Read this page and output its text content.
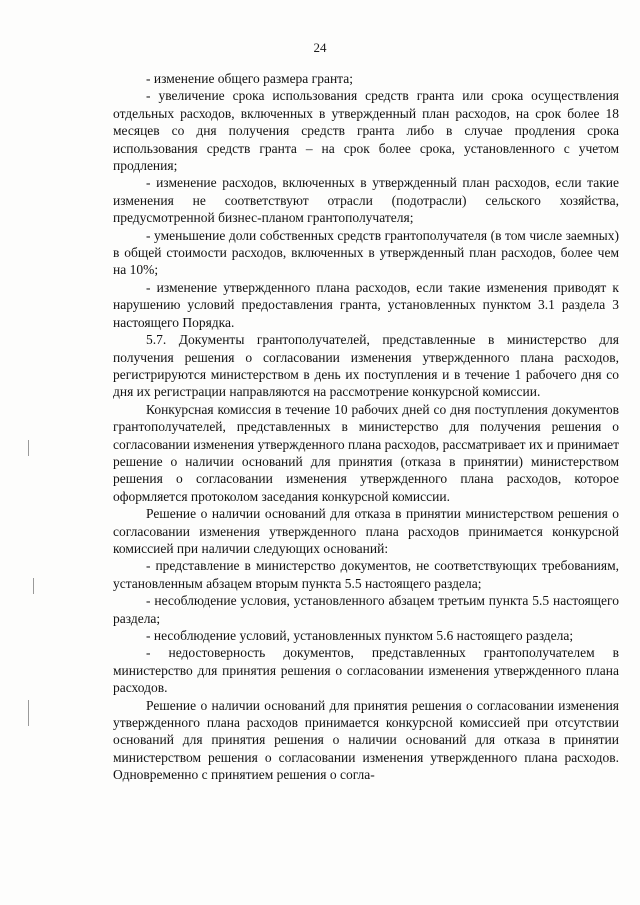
24

- изменение общего размера гранта;

- увеличение срока использования средств гранта или срока осуществления отдельных расходов, включенных в утвержденный план расходов, на срок более 18 месяцев со дня получения средств гранта либо в случае продления срока использования средств гранта – на срок более срока, установленного с учетом продления;

- изменение расходов, включенных в утвержденный план расходов, если такие изменения не соответствуют отрасли (подотрасли) сельского хозяйства, предусмотренной бизнес-планом грантополучателя;

- уменьшение доли собственных средств грантополучателя (в том числе заемных) в общей стоимости расходов, включенных в утвержденный план расходов, более чем на 10%;

- изменение утвержденного плана расходов, если такие изменения приводят к нарушению условий предоставления гранта, установленных пунктом 3.1 раздела 3 настоящего Порядка.

5.7. Документы грантополучателей, представленные в министерство для получения решения о согласовании изменения утвержденного плана расходов, регистрируются министерством в день их поступления и в течение 1 рабочего дня со дня их регистрации направляются на рассмотрение конкурсной комиссии.

Конкурсная комиссия в течение 10 рабочих дней со дня поступления документов грантополучателей, представленных в министерство для получения решения о согласовании изменения утвержденного плана расходов, рассматривает их и принимает решение о наличии оснований для принятия (отказа в принятии) министерством решения о согласовании изменения утвержденного плана расходов, которое оформляется протоколом заседания конкурсной комиссии.

Решение о наличии оснований для отказа в принятии министерством решения о согласовании изменения утвержденного плана расходов принимается конкурсной комиссией при наличии следующих оснований:

- представление в министерство документов, не соответствующих требованиям, установленным абзацем вторым пункта 5.5 настоящего раздела;

- несоблюдение условия, установленного абзацем третьим пункта 5.5 настоящего раздела;

- несоблюдение условий, установленных пунктом 5.6 настоящего раздела;

- недостоверность документов, представленных грантополучателем в министерство для принятия решения о согласовании изменения утвержденного плана расходов.

Решение о наличии оснований для принятия решения о согласовании изменения утвержденного плана расходов принимается конкурсной комиссией при отсутствии оснований для принятия решения о наличии оснований для отказа в принятии министерством решения о согласовании изменения утвержденного плана расходов. Одновременно с принятием решения о согла-
